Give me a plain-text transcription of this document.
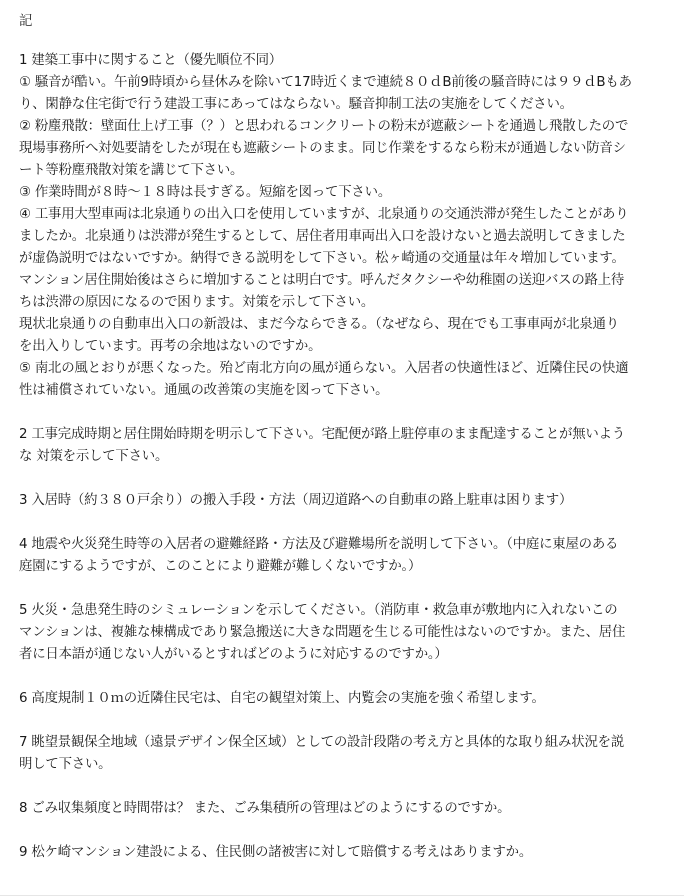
記
1 建築工事中に関すること（優先順位不同）
① 騒音が酷い。午前9時頃から昼休みを除いて17時近くまで連続８０ｄB前後の騒音時には９９ｄBもあ
り、閑静な住宅街で行う建設工事にあってはならない。騒音抑制工法の実施をしてください。
② 粉塵飛散：壁面仕上げ工事（？）と思われるコンクリートの粉末が遮蔽シートを通過し飛散したので
現場事務所へ対処要請をしたが現在も遮蔽シートのまま。同じ作業をするなら粉末が通過しない防音シ
ート等粉塵飛散対策を講じて下さい。
③ 作業時間が８時～１８時は長すぎる。短縮を図って下さい。
④ 工事用大型車両は北泉通りの出入口を使用していますが、北泉通りの交通渋滞が発生したことがあり
ましたか。北泉通りは渋滞が発生するとして、居住者用車両出入口を設けないと過去説明してきました
が虚偽説明ではないですか。納得できる説明をして下さい。松ヶ崎通の交通量は年々増加しています。
マンション居住開始後はさらに増加することは明白です。呼んだタクシーや幼稚園の送迎バスの路上待
ちは渋滞の原因になるので困ります。対策を示して下さい。
現状北泉通りの自動車出入口の新設は、まだ今ならできる。（なぜなら、現在でも工事車両が北泉通り
を出入りしています。再考の余地はないのですか。
⑤ 南北の風とおりが悪くなった。殆ど南北方向の風が通らない。入居者の快適性ほど、近隣住民の快適
性は補償されていない。通風の改善策の実施を図って下さい。
2 工事完成時期と居住開始時期を明示して下さい。宅配便が路上駐停車のまま配達することが無いよう
な 対策を示して下さい。
3 入居時（約３８０戸余り）の搬入手段・方法（周辺道路への自動車の路上駐車は困ります）
4 地震や火災発生時等の入居者の避難経路・方法及び避難場所を説明して下さい。（中庭に東屋のある
庭園にするようですが、このことにより避難が難しくないですか。）
5 火災・急患発生時のシミュレーションを示してください。（消防車・救急車が敷地内に入れないこの
マンションは、複雑な棟構成であり緊急搬送に大きな問題を生じる可能性はないのですか。また、居住
者に日本語が通じない人がいるとすればどのように対応するのですか。）
6 高度規制１０ｍの近隣住民宅は、自宅の観望対策上、内覧会の実施を強く希望します。
7 眺望景観保全地域（遠景デザイン保全区域）としての設計段階の考え方と具体的な取り組み状況を説
明して下さい。
8 ごみ収集頻度と時間帯は？ また、ごみ集積所の管理はどのようにするのですか。
9 松ケ崎マンション建設による、住民側の諸被害に対して賠償する考えはありますか。
